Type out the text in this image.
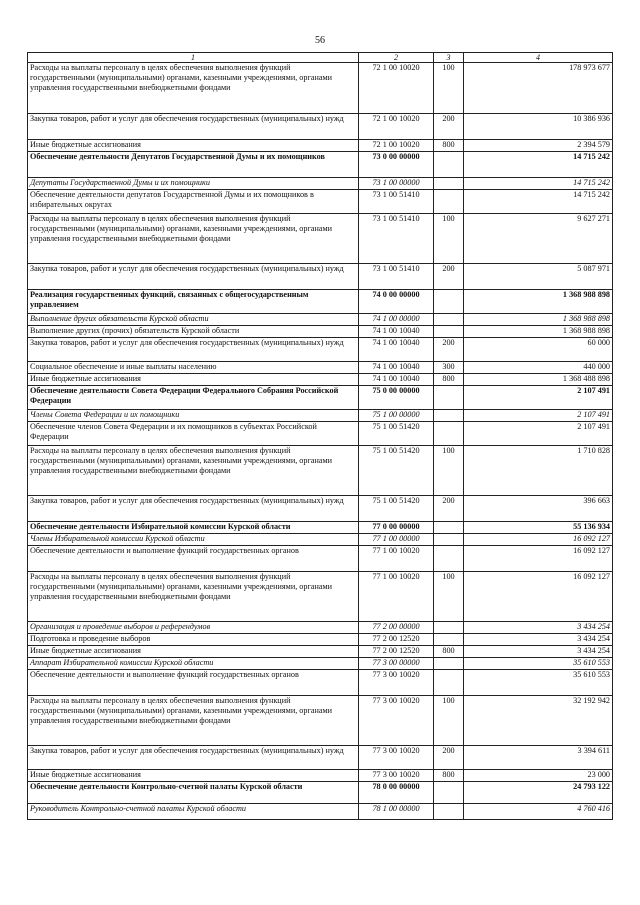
56
1	2	3	4
Расходы на выплаты персоналу в целях обеспечения выполнения функций государственными (муниципальными) органами, казенными учреждениями, органами управления государственными внебюджетными фондами	72 1 00 10020	100	178 973 677
Закупка товаров, работ и услуг для обеспечения государственных (муниципальных) нужд	72 1 00 10020	200	10 386 936
Иные бюджетные ассигнования	72 1 00 10020	800	2 394 579
Обеспечение деятельности Депутатов Государственной Думы и их помощников	73 0 00 00000		14 715 242
Депутаты Государственной Думы и их помощники	73 1 00 00000		14 715 242
Обеспечение деятельности депутатов Государственной Думы и их помощников в избирательных округах	73 1 00 51410		14 715 242
Расходы на выплаты персоналу в целях обеспечения выполнения функций государственными (муниципальными) органами, казенными учреждениями, органами управления государственными внебюджетными фондами	73 1 00 51410	100	9 627 271
Закупка товаров, работ и услуг для обеспечения государственных (муниципальных) нужд	73 1 00 51410	200	5 087 971
Реализация государственных функций, связанных с общегосударственным управлением	74 0 00 00000		1 368 988 898
Выполнение других обязательств Курской области	74 1 00 00000		1 368 988 898
Выполнение других (прочих) обязательств Курской области	74 1 00 10040		1 368 988 898
Закупка товаров, работ и услуг для обеспечения государственных (муниципальных) нужд	74 1 00 10040	200	60 000
Социальное обеспечение и иные выплаты населению	74 1 00 10040	300	440 000
Иные бюджетные ассигнования	74 1 00 10040	800	1 368 488 898
Обеспечение деятельности Совета Федерации Федерального Собрания Российской Федерации	75 0 00 00000		2 107 491
Члены Совета Федерации и их помощники	75 1 00 00000		2 107 491
Обеспечение членов Совета Федерации и их помощников в субъектах Российской Федерации	75 1 00 51420		2 107 491
Расходы на выплаты персоналу в целях обеспечения выполнения функций государственными (муниципальными) органами, казенными учреждениями, органами управления государственными внебюджетными фондами	75 1 00 51420	100	1 710 828
Закупка товаров, работ и услуг для обеспечения государственных (муниципальных) нужд	75 1 00 51420	200	396 663
Обеспечение деятельности Избирательной комиссии Курской области	77 0 00 00000		55 136 934
Члены Избирательной комиссии Курской области	77 1 00 00000		16 092 127
Обеспечение деятельности и выполнение функций государственных органов	77 1 00 10020		16 092 127
Расходы на выплаты персоналу в целях обеспечения выполнения функций государственными (муниципальными) органами, казенными учреждениями, органами управления государственными внебюджетными фондами	77 1 00 10020	100	16 092 127
Организация и проведение выборов и референдумов	77 2 00 00000		3 434 254
Подготовка и проведение выборов	77 2 00 12520		3 434 254
Иные бюджетные ассигнования	77 2 00 12520	800	3 434 254
Аппарат Избирательной комиссии Курской области	77 3 00 00000		35 610 553
Обеспечение деятельности и выполнение функций государственных органов	77 3 00 10020		35 610 553
Расходы на выплаты персоналу в целях обеспечения выполнения функций государственными (муниципальными) органами, казенными учреждениями, органами управления государственными внебюджетными фондами	77 3 00 10020	100	32 192 942
Закупка товаров, работ и услуг для обеспечения государственных (муниципальных) нужд	77 3 00 10020	200	3 394 611
Иные бюджетные ассигнования	77 3 00 10020	800	23 000
Обеспечение деятельности Контрольно-счетной палаты Курской области	78 0 00 00000		24 793 122
Руководитель Контрольно-счетной палаты Курской области	78 1 00 00000		4 760 416
